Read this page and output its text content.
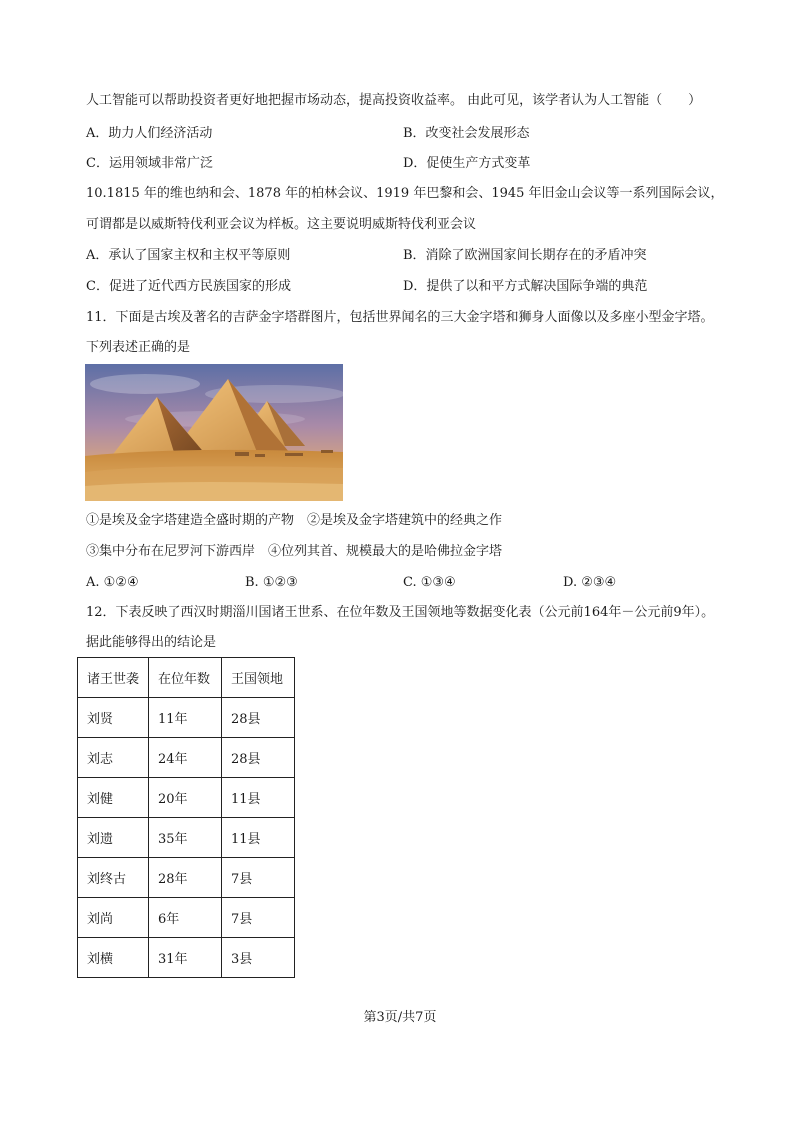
人工智能可以帮助投资者更好地把握市场动态，提高投资收益率。 由此可见，该学者认为人工智能（　　）
A．助力人们经济活动	B．改变社会发展形态
C．运用领域非常广泛	D．促使生产方式变革
10.1815 年的维也纳和会、1878 年的柏林会议、1919 年巴黎和会、1945 年旧金山会议等一系列国际会议，
可谓都是以威斯特伐利亚会议为样板。这主要说明威斯特伐利亚会议
A．承认了国家主权和主权平等原则	B．消除了欧洲国家间长期存在的矛盾冲突
C．促进了近代西方民族国家的形成	D．提供了以和平方式解决国际争端的典范
11．下面是古埃及著名的吉萨金字塔群图片，包括世界闻名的三大金字塔和狮身人面像以及多座小型金字塔。
下列表述正确的是
①是埃及金字塔建造全盛时期的产物　②是埃及金字塔建筑中的经典之作
③集中分布在尼罗河下游西岸　④位列其首、规模最大的是哈佛拉金字塔
A. ①②④	B. ①②③	C. ①③④	D. ②③④
12．下表反映了西汉时期淄川国诸王世系、在位年数及王国领地等数据变化表（公元前164年－公元前9年）。
据此能够得出的结论是
诸王世袭	在位年数	王国领地
刘贤	11年	28县
刘志	24年	28县
刘健	20年	11县
刘遗	35年	11县
刘终古	28年	7县
刘尚	6年	7县
刘横	31年	3县
第3页/共7页
